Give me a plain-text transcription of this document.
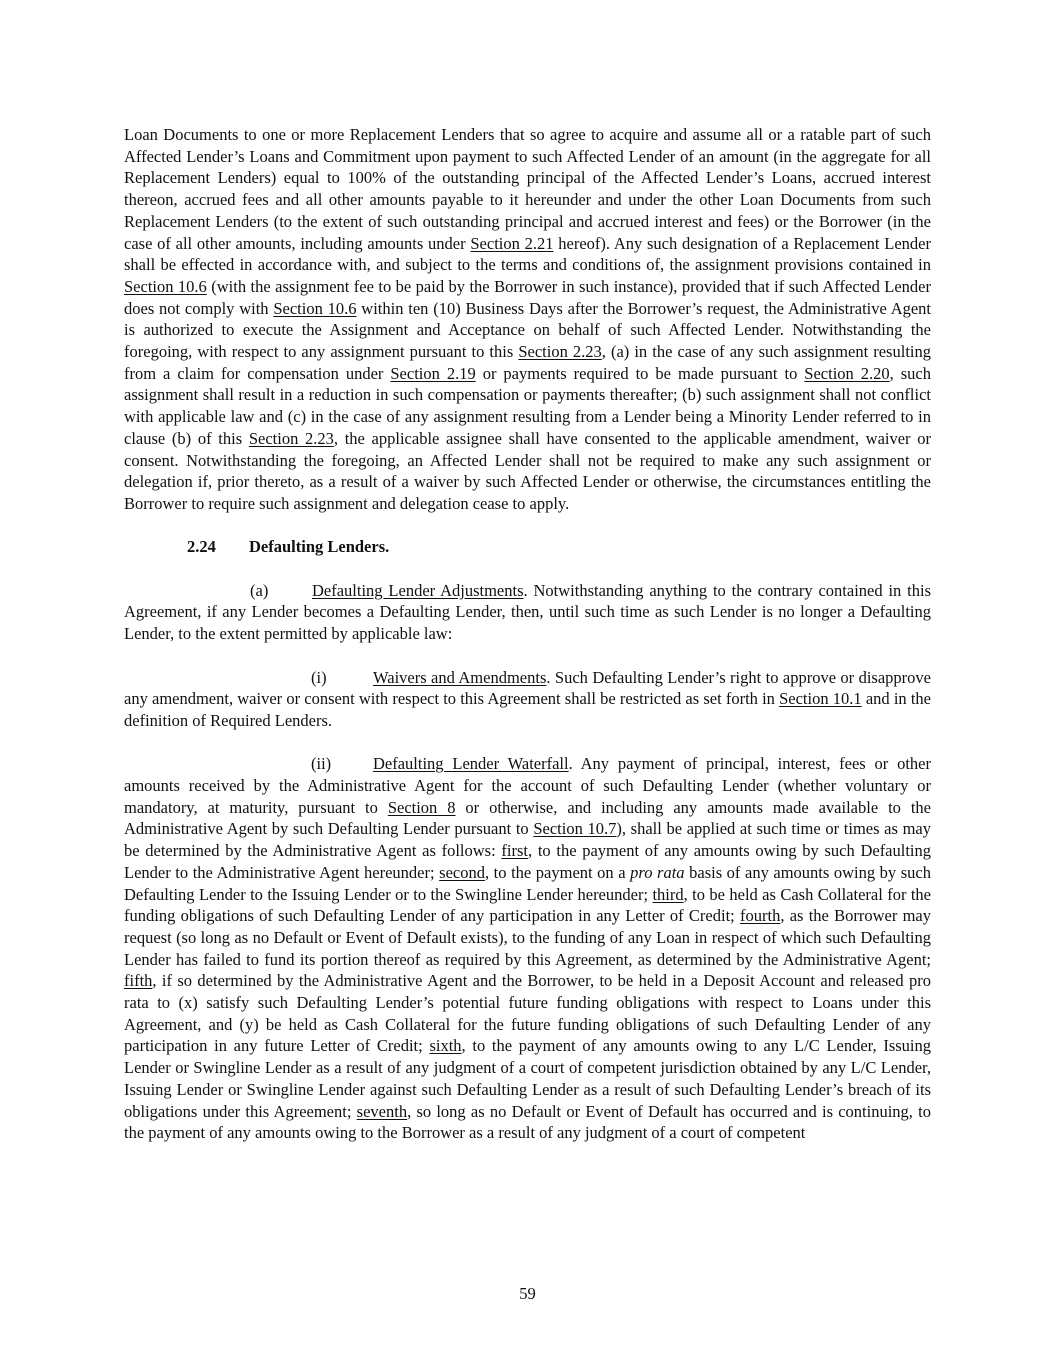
Loan Documents to one or more Replacement Lenders that so agree to acquire and assume all or a ratable part of such Affected Lender’s Loans and Commitment upon payment to such Affected Lender of an amount (in the aggregate for all Replacement Lenders) equal to 100% of the outstanding principal of the Affected Lender’s Loans, accrued interest thereon, accrued fees and all other amounts payable to it hereunder and under the other Loan Documents from such Replacement Lenders (to the extent of such outstanding principal and accrued interest and fees) or the Borrower (in the case of all other amounts, including amounts under Section 2.21 hereof). Any such designation of a Replacement Lender shall be effected in accordance with, and subject to the terms and conditions of, the assignment provisions contained in Section 10.6 (with the assignment fee to be paid by the Borrower in such instance), provided that if such Affected Lender does not comply with Section 10.6 within ten (10) Business Days after the Borrower’s request, the Administrative Agent is authorized to execute the Assignment and Acceptance on behalf of such Affected Lender. Notwithstanding the foregoing, with respect to any assignment pursuant to this Section 2.23, (a) in the case of any such assignment resulting from a claim for compensation under Section 2.19 or payments required to be made pursuant to Section 2.20, such assignment shall result in a reduction in such compensation or payments thereafter; (b) such assignment shall not conflict with applicable law and (c) in the case of any assignment resulting from a Lender being a Minority Lender referred to in clause (b) of this Section 2.23, the applicable assignee shall have consented to the applicable amendment, waiver or consent. Notwithstanding the foregoing, an Affected Lender shall not be required to make any such assignment or delegation if, prior thereto, as a result of a waiver by such Affected Lender or otherwise, the circumstances entitling the Borrower to require such assignment and delegation cease to apply.

2.24 Defaulting Lenders.

(a)	Defaulting Lender Adjustments. Notwithstanding anything to the contrary contained in this Agreement, if any Lender becomes a Defaulting Lender, then, until such time as such Lender is no longer a Defaulting Lender, to the extent permitted by applicable law:

(i)	Waivers and Amendments. Such Defaulting Lender’s right to approve or disapprove any amendment, waiver or consent with respect to this Agreement shall be restricted as set forth in Section 10.1 and in the definition of Required Lenders.

(ii)	Defaulting Lender Waterfall. Any payment of principal, interest, fees or other amounts received by the Administrative Agent for the account of such Defaulting Lender (whether voluntary or mandatory, at maturity, pursuant to Section 8 or otherwise, and including any amounts made available to the Administrative Agent by such Defaulting Lender pursuant to Section 10.7), shall be applied at such time or times as may be determined by the Administrative Agent as follows: first, to the payment of any amounts owing by such Defaulting Lender to the Administrative Agent hereunder; second, to the payment on a pro rata basis of any amounts owing by such Defaulting Lender to the Issuing Lender or to the Swingline Lender hereunder; third, to be held as Cash Collateral for the funding obligations of such Defaulting Lender of any participation in any Letter of Credit; fourth, as the Borrower may request (so long as no Default or Event of Default exists), to the funding of any Loan in respect of which such Defaulting Lender has failed to fund its portion thereof as required by this Agreement, as determined by the Administrative Agent; fifth, if so determined by the Administrative Agent and the Borrower, to be held in a Deposit Account and released pro rata to (x) satisfy such Defaulting Lender’s potential future funding obligations with respect to Loans under this Agreement, and (y) be held as Cash Collateral for the future funding obligations of such Defaulting Lender of any participation in any future Letter of Credit; sixth, to the payment of any amounts owing to any L/C Lender, Issuing Lender or Swingline Lender as a result of any judgment of a court of competent jurisdiction obtained by any L/C Lender, Issuing Lender or Swingline Lender against such Defaulting Lender as a result of such Defaulting Lender’s breach of its obligations under this Agreement; seventh, so long as no Default or Event of Default has occurred and is continuing, to the payment of any amounts owing to the Borrower as a result of any judgment of a court of competent

59
